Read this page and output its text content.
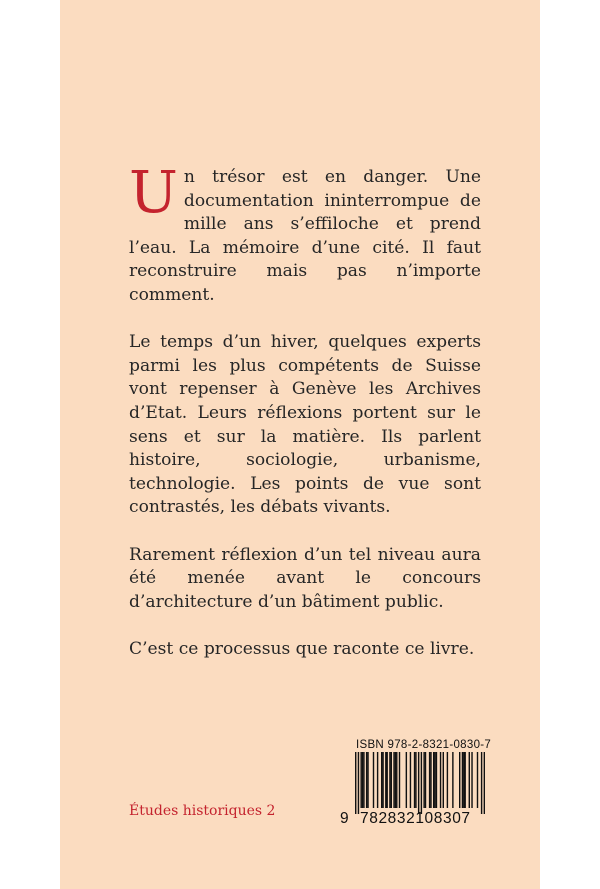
Un trésor est en danger. Une documentation ininterrompue de mille ans s’effiloche et prend l’eau. La mémoire d’une cité. Il faut reconstruire mais pas n’importe comment.

Le temps d’un hiver, quelques experts parmi les plus compétents de Suisse vont repenser à Genève les Archives d’Etat. Leurs réflexions portent sur le sens et sur la matière. Ils parlent histoire, sociologie, urbanisme, technologie. Les points de vue sont contrastés, les débats vivants.

Rarement réflexion d’un tel niveau aura été menée avant le concours d’architecture d’un bâtiment public.

C’est ce processus que raconte ce livre.

Études historiques 2
ISBN 978-2-8321-0830-7
9 782832108307
